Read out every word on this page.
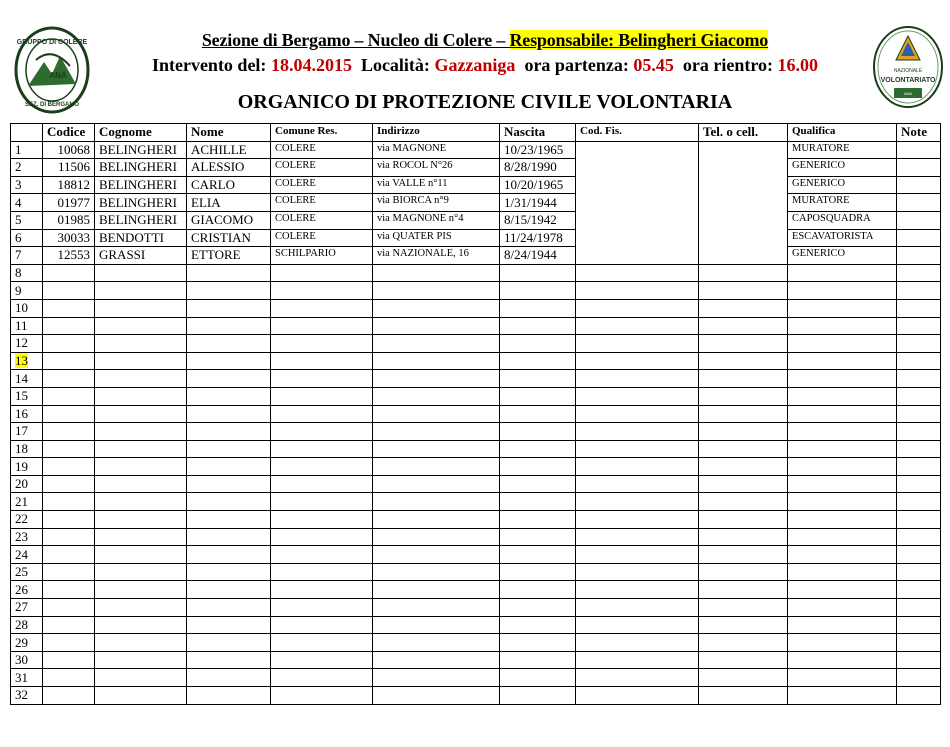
GRUPPO DI COLERE
ANA
SEZ. DI BERGAMO
NAZIONALE
VOLONTARIATO
ANA
Sezione di Bergamo – Nucleo di Colere – Responsabile: Belingheri Giacomo
Intervento del: 18.04.2015  Località: Gazzaniga  ora partenza: 05.45  ora rientro: 16.00
ORGANICO DI PROTEZIONE CIVILE VOLONTARIA
	Codice	Cognome	Nome	Comune Res.	Indirizzo	Nascita	Cod. Fis.	Tel. o cell.	Qualifica	Note
1	10068	BELINGHERI	ACHILLE	COLERE	via MAGNONE	10/23/1965			MURATORE	
2	11506	BELINGHERI	ALESSIO	COLERE	via ROCOL N°26	8/28/1990			GENERICO	
3	18812	BELINGHERI	CARLO	COLERE	via VALLE n°11	10/20/1965			GENERICO	
4	01977	BELINGHERI	ELIA	COLERE	via BIORCA n°9	1/31/1944			MURATORE	
5	01985	BELINGHERI	GIACOMO	COLERE	via MAGNONE n°4	8/15/1942			CAPOSQUADRA	
6	30033	BENDOTTI	CRISTIAN	COLERE	via QUATER PIS	11/24/1978			ESCAVATORISTA	
7	12553	GRASSI	ETTORE	SCHILPARIO	via NAZIONALE, 16	8/24/1944			GENERICO	
8										
9										
10										
11										
12										
13										
14										
15										
16										
17										
18										
19										
20										
21										
22										
23										
24										
25										
26										
27										
28										
29										
30										
31										
32										
